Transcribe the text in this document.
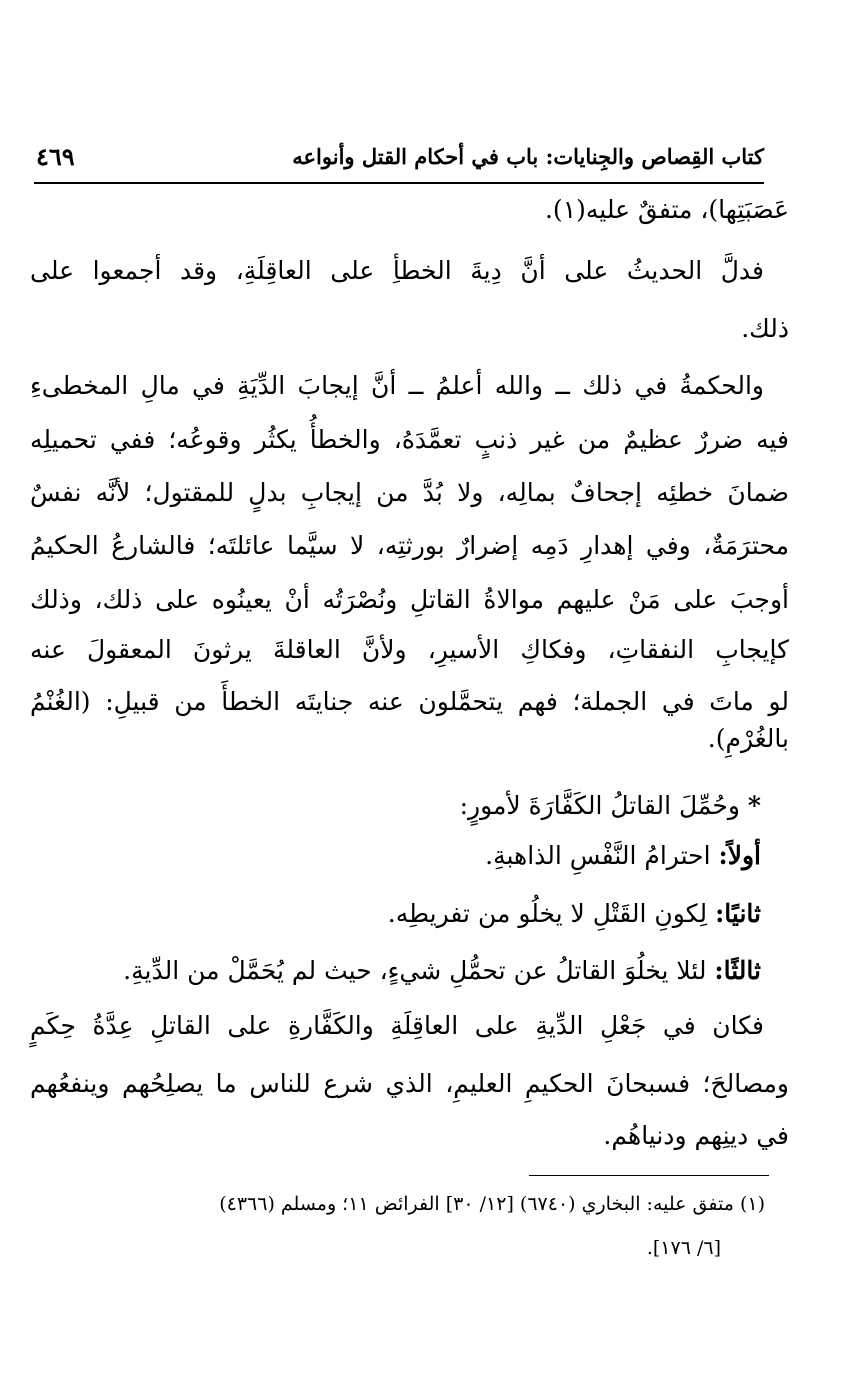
كتاب القِصاص والجِنايات: باب في أحكام القتل وأنواعه
٤٦٩
عَصَبَتِها)، متفقٌ عليه(١).
فدلَّ الحديثُ على أنَّ دِيةَ الخطأِ على العاقِلَةِ، وقد أجمعوا على
ذلك.
والحكمةُ في ذلك ــ والله أعلمُ ــ أنَّ إيجابَ الدِّيَةِ في مالِ المخطىءِ
فيه ضررٌ عظيمٌ من غير ذنبٍ تعمَّدَهُ، والخطأُ يكثُر وقوعُه؛ ففي تحميلِه
ضمانَ خطئِه إجحافٌ بمالِه، ولا بُدَّ من إيجابِ بدلٍ للمقتول؛ لأنَّه نفسٌ
محترَمَةٌ، وفي إهدارِ دَمِه إضرارٌ بورثتِه، لا سيَّما عائلتَه؛ فالشارعُ الحكيمُ
أوجبَ على مَنْ عليهم موالاةُ القاتلِ ونُصْرَتُه أنْ يعينُوه على ذلك، وذلك
كإيجابِ النفقاتِ، وفكاكِ الأسيرِ، ولأنَّ العاقلةَ يرثونَ المعقولَ عنه
لو ماتَ في الجملة؛ فهم يتحمَّلون عنه جنايتَه الخطأَ من قبيلِ: (الغُنْمُ
بالغُرْمِ).
*وحُمِّلَ القاتلُ الكَفَّارَةَ لأمورٍ:
أولاً: احترامُ النَّفْسِ الذاهبةِ.
ثانيًا: لِكونِ القَتْلِ لا يخلُو من تفريطِه.
ثالثًا: لئلا يخلُوَ القاتلُ عن تحمُّلِ شيءٍ، حيث لم يُحَمَّلْ من الدِّيةِ.
فكان في جَعْلِ الدِّيةِ على العاقِلَةِ والكَفَّارةِ على القاتلِ عِدَّةُ حِكَمٍ
ومصالحَ؛ فسبحانَ الحكيمِ العليمِ، الذي شرع للناس ما يصلِحُهم وينفعُهم
في دينِهم ودنياهُم.
(١) متفق عليه: البخاري (٦٧٤٠) [١٢/ ٣٠] الفرائض ١١؛ ومسلم (٤٣٦٦)
[٦/ ١٧٦].
